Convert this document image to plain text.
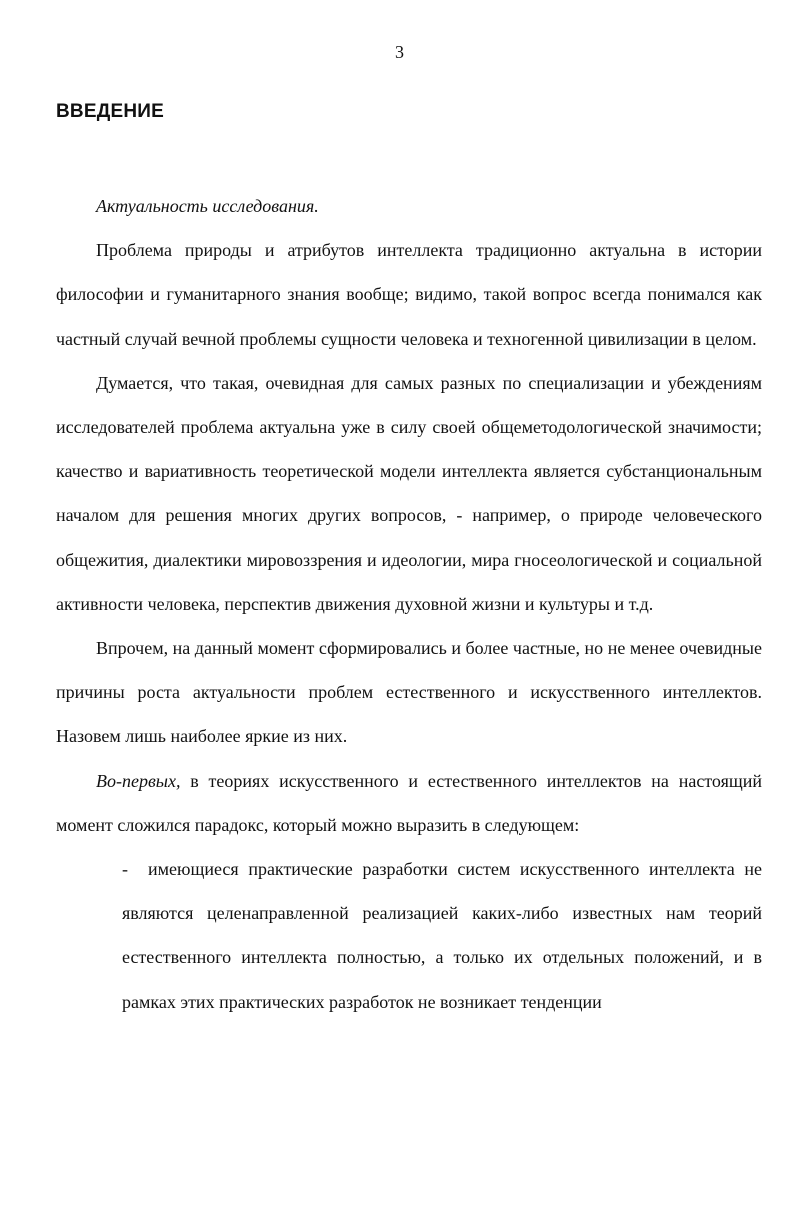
3
ВВЕДЕНИЕ

Актуальность исследования.

Проблема природы и атрибутов интеллекта традиционно актуальна в истории философии и гуманитарного знания вообще; видимо, такой вопрос всегда понимался как частный случай вечной проблемы сущности человека и техногенной цивилизации в целом.

Думается, что такая, очевидная для самых разных по специализации и убеждениям исследователей проблема актуальна уже в силу своей общеметодологической значимости; качество и вариативность теоретической модели интеллекта является субстанциональным началом для решения многих других вопросов, - например, о природе человеческого общежития, диалектики мировоззрения и идеологии, мира гносеологической и социальной активности человека, перспектив движения духовной жизни и культуры и т.д.

Впрочем, на данный момент сформировались и более частные, но не менее очевидные причины роста актуальности проблем естественного и искусственного интеллектов. Назовем лишь наиболее яркие из них.

Во-первых, в теориях искусственного и естественного интеллектов на настоящий момент сложился парадокс, который можно выразить в следующем:

-	имеющиеся практические разработки систем искусственного интеллекта не являются целенаправленной реализацией каких-либо известных нам теорий естественного интеллекта полностью, а только их отдельных положений, и в рамках этих практических разработок не возникает тенденции
